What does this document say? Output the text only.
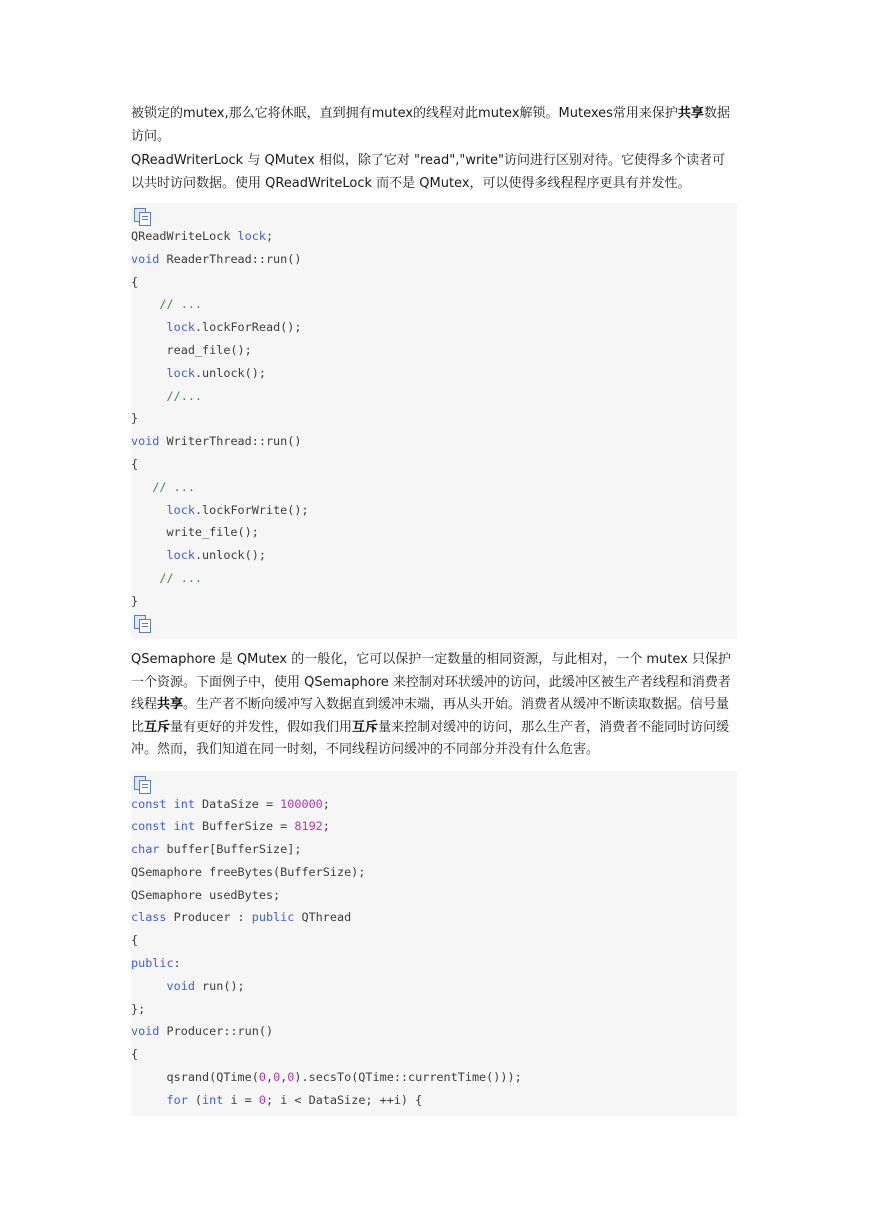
被锁定的mutex,那么它将休眠，直到拥有mutex的线程对此mutex解锁。Mutexes常用来保护共享数据访问。

QReadWriterLock 与 QMutex 相似，除了它对 "read","write"访问进行区别对待。它使得多个读者可以共时访问数据。使用 QReadWriteLock 而不是 QMutex，可以使得多线程程序更具有并发性。

QReadWriteLock lock;
void ReaderThread::run()
{
// ...
lock.lockForRead();
read_file();
lock.unlock();
//...
}
void WriterThread::run()
{
// ...
lock.lockForWrite();
write_file();
lock.unlock();
// ...
}

QSemaphore 是 QMutex 的一般化，它可以保护一定数量的相同资源，与此相对，一个 mutex 只保护一个资源。下面例子中，使用 QSemaphore 来控制对环状缓冲的访问，此缓冲区被生产者线程和消费者线程共享。生产者不断向缓冲写入数据直到缓冲末端，再从头开始。消费者从缓冲不断读取数据。信号量比互斥量有更好的并发性，假如我们用互斥量来控制对缓冲的访问，那么生产者，消费者不能同时访问缓冲。然而，我们知道在同一时刻，不同线程访问缓冲的不同部分并没有什么危害。

const int DataSize = 100000;
const int BufferSize = 8192;
char buffer[BufferSize];
QSemaphore freeBytes(BufferSize);
QSemaphore usedBytes;
class Producer : public QThread
{
public:
void run();
};
void Producer::run()
{
qsrand(QTime(0,0,0).secsTo(QTime::currentTime()));
for (int i = 0; i < DataSize; ++i) {
